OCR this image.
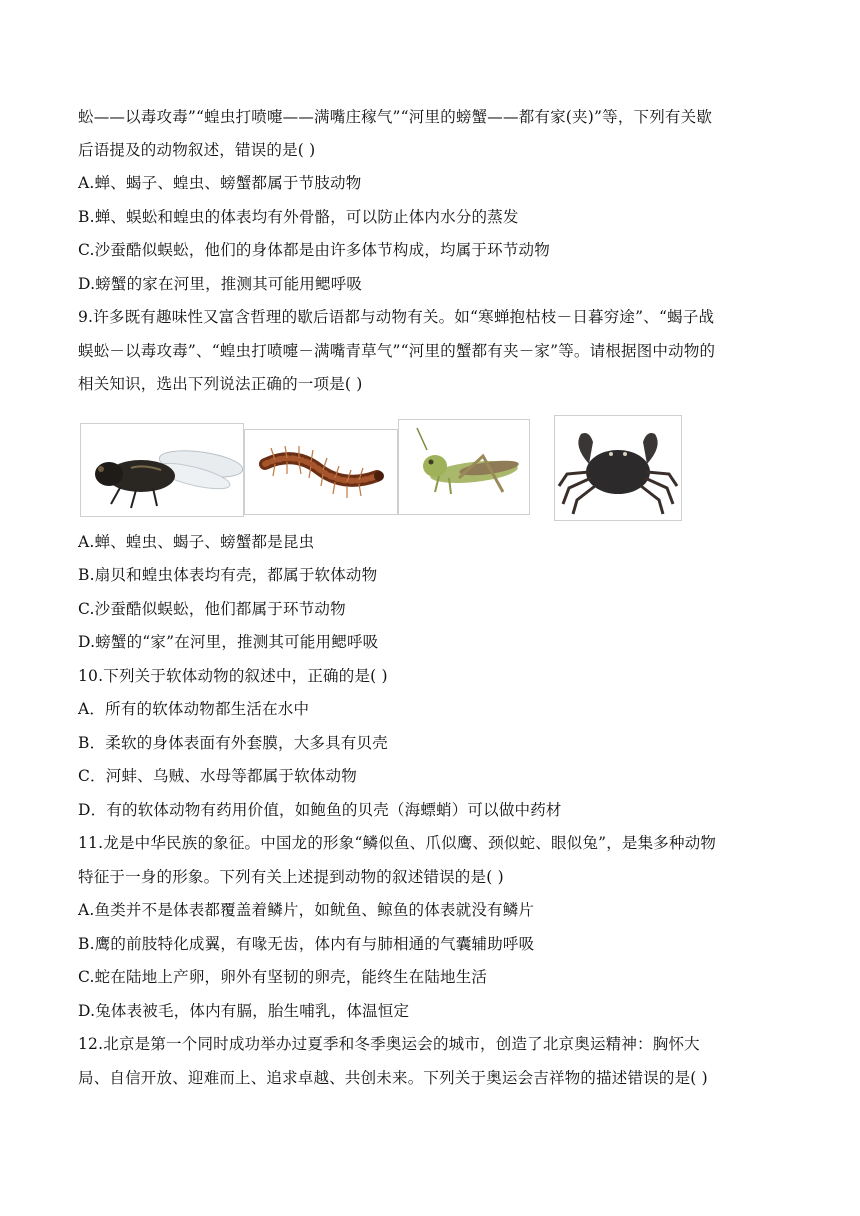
蚣——以毒攻毒”“蝗虫打喷嚏——满嘴庄稼气”“河里的螃蟹——都有家(夹)”等，下列有关歇
后语提及的动物叙述，错误的是( )
A.蝉、蝎子、蝗虫、螃蟹都属于节肢动物
B.蝉、蜈蚣和蝗虫的体表均有外骨骼，可以防止体内水分的蒸发
C.沙蚕酷似蜈蚣，他们的身体都是由许多体节构成，均属于环节动物
D.螃蟹的家在河里，推测其可能用鳃呼吸
9.许多既有趣味性又富含哲理的歇后语都与动物有关。如“寒蝉抱枯枝－日暮穷途”、“蝎子战
蜈蚣－以毒攻毒”、“蝗虫打喷嚏－满嘴青草气”“河里的蟹都有夹－家”等。请根据图中动物的
相关知识，选出下列说法正确的一项是( )
A.蝉、蝗虫、蝎子、螃蟹都是昆虫
B.扇贝和蝗虫体表均有壳，都属于软体动物
C.沙蚕酷似蜈蚣，他们都属于环节动物
D.螃蟹的“家”在河里，推测其可能用鳃呼吸
10.下列关于软体动物的叙述中，正确的是( )
A．所有的软体动物都生活在水中
B．柔软的身体表面有外套膜，大多具有贝壳
C．河蚌、乌贼、水母等都属于软体动物
D．有的软体动物有药用价值，如鲍鱼的贝壳（海螵蛸）可以做中药材
11.龙是中华民族的象征。中国龙的形象“鳞似鱼、爪似鹰、颈似蛇、眼似兔”，是集多种动物
特征于一身的形象。下列有关上述提到动物的叙述错误的是( )
A.鱼类并不是体表都覆盖着鳞片，如鱿鱼、鲸鱼的体表就没有鳞片
B.鹰的前肢特化成翼，有喙无齿，体内有与肺相通的气囊辅助呼吸
C.蛇在陆地上产卵，卵外有坚韧的卵壳，能终生在陆地生活
D.兔体表被毛，体内有膈，胎生哺乳，体温恒定
12.北京是第一个同时成功举办过夏季和冬季奥运会的城市，创造了北京奥运精神：胸怀大
局、自信开放、迎难而上、追求卓越、共创未来。下列关于奥运会吉祥物的描述错误的是( )
